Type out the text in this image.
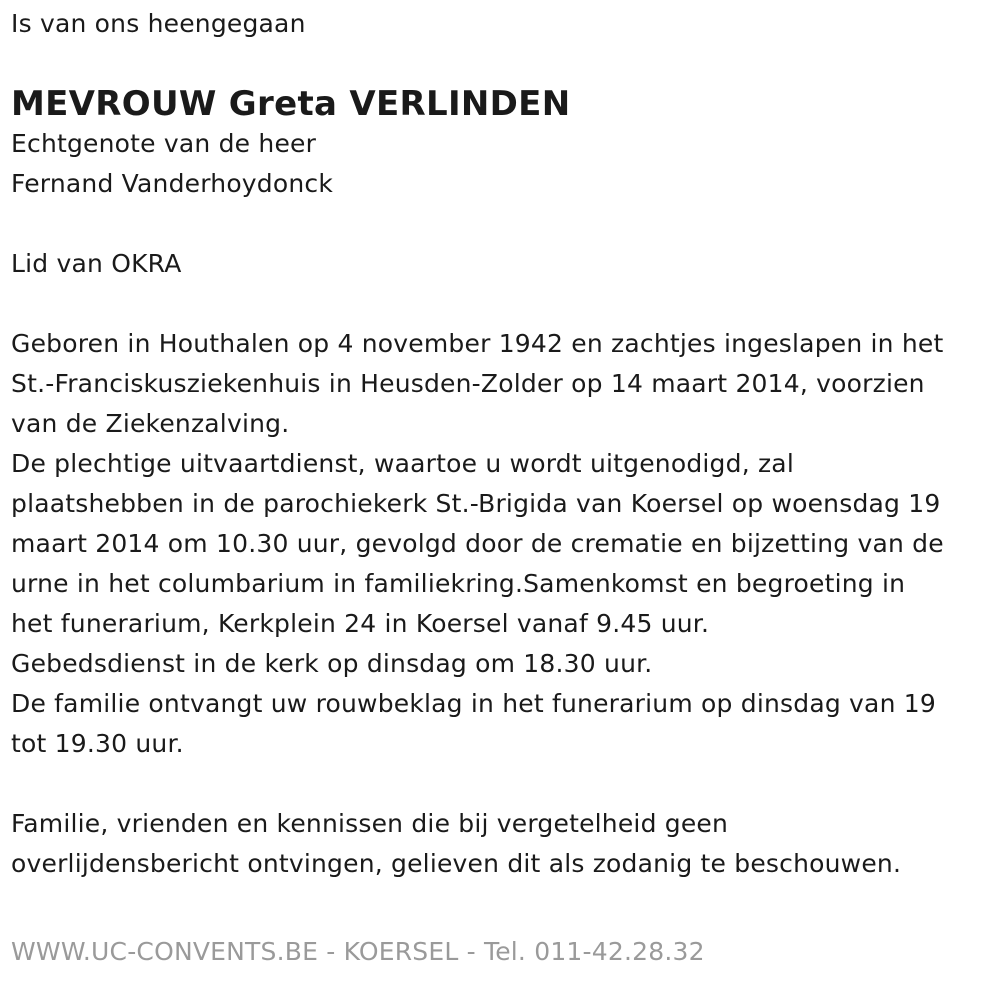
Is van ons heengegaan
MEVROUW Greta VERLINDEN
Echtgenote van de heer
Fernand Vanderhoydonck
Lid van OKRA
Geboren in Houthalen op 4 november 1942 en zachtjes ingeslapen in het
St.-Franciskusziekenhuis in Heusden-Zolder op 14 maart 2014, voorzien
van de Ziekenzalving.
De plechtige uitvaartdienst, waartoe u wordt uitgenodigd, zal
plaatshebben in de parochiekerk St.-Brigida van Koersel op woensdag 19
maart 2014 om 10.30 uur, gevolgd door de crematie en bijzetting van de
urne in het columbarium in familiekring.Samenkomst en begroeting in
het funerarium, Kerkplein 24 in Koersel vanaf 9.45 uur.
Gebedsdienst in de kerk op dinsdag om 18.30 uur.
De familie ontvangt uw rouwbeklag in het funerarium op dinsdag van 19
tot 19.30 uur.
Familie, vrienden en kennissen die bij vergetelheid geen
overlijdensbericht ontvingen, gelieven dit als zodanig te beschouwen.
WWW.UC-CONVENTS.BE - KOERSEL - Tel. 011-42.28.32
